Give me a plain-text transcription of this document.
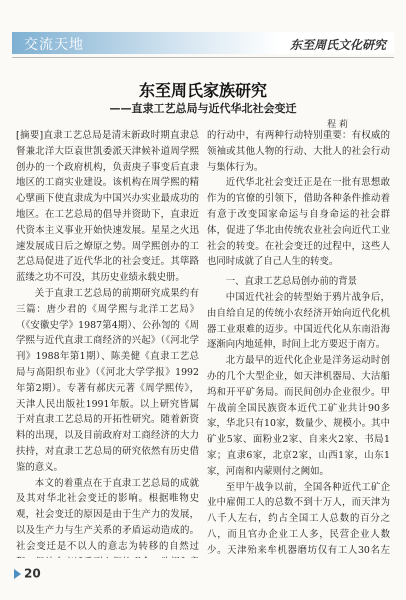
交流天地	东至周氏文化研究
东至周氏家族研究
——直隶工艺总局与近代华北社会变迁
程 莉

[摘要]直隶工艺总局是清末新政时期直隶总督兼北洋大臣袁世凯委派天津候补道周学熙创办的一个政府机构，负责庚子事变后直隶地区的工商实业建设。该机构在周学熙的精心擘画下使直隶成为中国兴办实业最成功的地区。在工艺总局的倡导并资助下，直隶近代资本主义事业开始快速发展。星星之火迅速发展成日后之燎原之势。周学熙创办的工艺总局促进了近代华北的社会变迁。其筚路蓝缕之功不可没，其历史业绩永载史册。

关于直隶工艺总局的前期研究成果约有三篇：唐少君的《周学熙与北洋工艺局》（《安徽史学》1987第4期）、公孙訇的《周学熙与近代直隶工商经济的兴起》（《河北学刊》1988年第1期）、陈美健《直隶工艺总局与高阳织布业》（《河北大学学报》1992年第2期）。专著有郝庆元著《周学熙传》，天津人民出版社1991年版。以上研究皆属于对直隶工艺总局的开拓性研究。随着新资料的出现，以及目前政府对工商经济的大力扶持，对直隶工艺总局的研究依然有历史借鉴的意义。

本文的着重点在于直隶工艺总局的成就及其对华北社会变迁的影响。根据唯物史观，社会变迁的原因是由于生产力的发展，以及生产力与生产关系的矛盾运动造成的。社会变迁是不以人的意志为转移的自然过

的行动中，有两种行动特别重要：有权威的领袖或其他人物的行动、大批人的社会行动与集体行为。

近代华北社会变迁正是在一批有思想敢作为的官僚的引领下，借助各种条件推动着有意于改变国家命运与自身命运的社会群体，促进了华北由传统农业社会向近代工业社会的转变。在社会变迁的过程中，这些人也同时成就了自己人生的转变。

一、直隶工艺总局创办前的背景

中国近代社会的转型始于鸦片战争后，由自给自足的传统小农经济开始向近代化机器工业艰难的迈步。中国近代化从东南沿海逐渐向内地延伸，时间上北方要迟于南方。

北方最早的近代化企业是洋务运动时创办的几个大型企业，如天津机器局、大沽船坞和开平矿务局。而民间创办企业很少。甲午战前全国民族资本近代工矿业共计90多家，华北只有10家，数量少、规模小。其中矿业5家、面粉业2家、自来火2家、书局1家；直隶6家，北京2家，山西1家，山东1家，河南和内蒙则付之阙如。

至甲午战争以前，全国各种近代工矿企业中雇佣工人的总数不到十万人，而天津为八千人左右，约占全国工人总数的百分之八，而且官办企业工人多，民营企业人数少。天津殆来牟机器磨坊仅有工人30名左

20
